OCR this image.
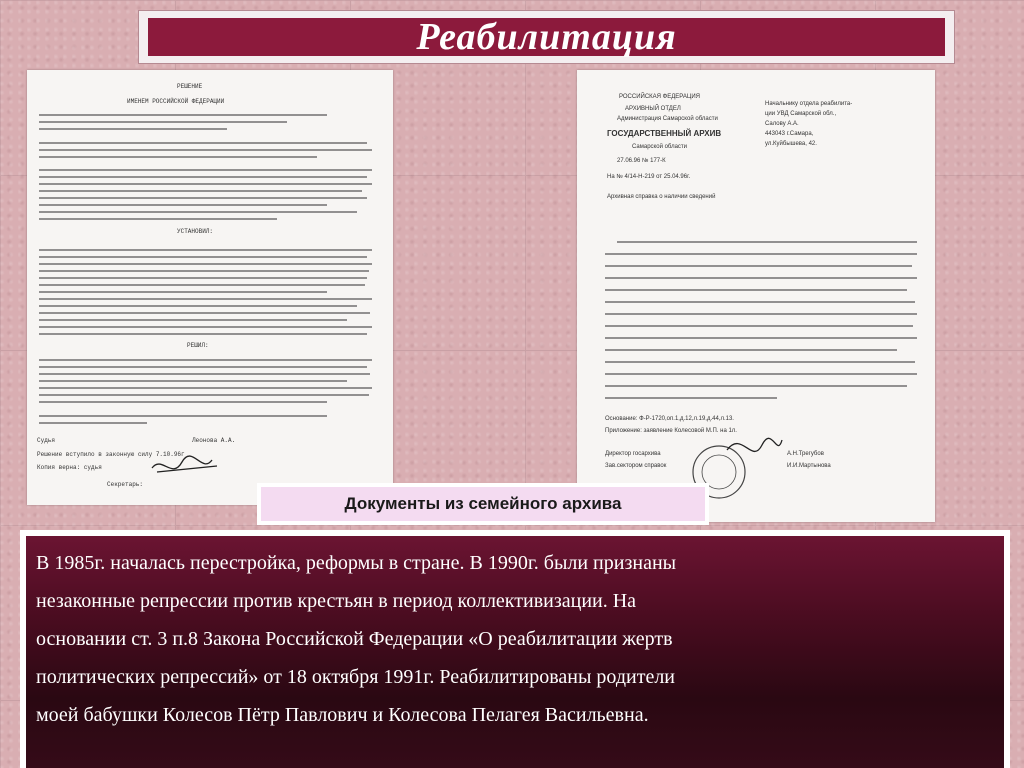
Реабилитация
РЕШЕНИЕ
ИМЕНЕМ РОССИЙСКОЙ ФЕДЕРАЦИИ
УСТАНОВИЛ:
РЕШИЛ:
Судья	Леонова А.А.
Решение вступило в законную силу 7.10.96г
Копия верна: судья
Секретарь:
РОССИЙСКАЯ ФЕДЕРАЦИЯ
АРХИВНЫЙ ОТДЕЛ
Администрация Самарской области
ГОСУДАРСТВЕННЫЙ АРХИВ
Самарской области
27.06.96 № 177-К
На № 4/14-Н-219 от 25.04.96г.
Архивная справка о наличии сведений
Начальнику отдела реабилита-
ции УВД Самарской обл.,
Салову А.А.
443043 г.Самара,
ул.Куйбышева, 42.
Основание: Ф-Р-1720,оп.1,д.12,л.19,д.44,л.13.
Приложение: заявление Колесовой М.П. на 1л.
Директор госархива
Зав.сектором справок
А.Н.Трегубов
И.И.Мартынова
Документы из семейного архива
В 1985г. началась перестройка, реформы в стране. В 1990г. были признаны
незаконные репрессии против крестьян в период коллективизации. На
основании ст. 3 п.8 Закона Российской Федерации «О реабилитации жертв
политических репрессий» от 18 октября 1991г. Реабилитированы родители
моей бабушки Колесов Пётр Павлович и Колесова Пелагея Васильевна.
